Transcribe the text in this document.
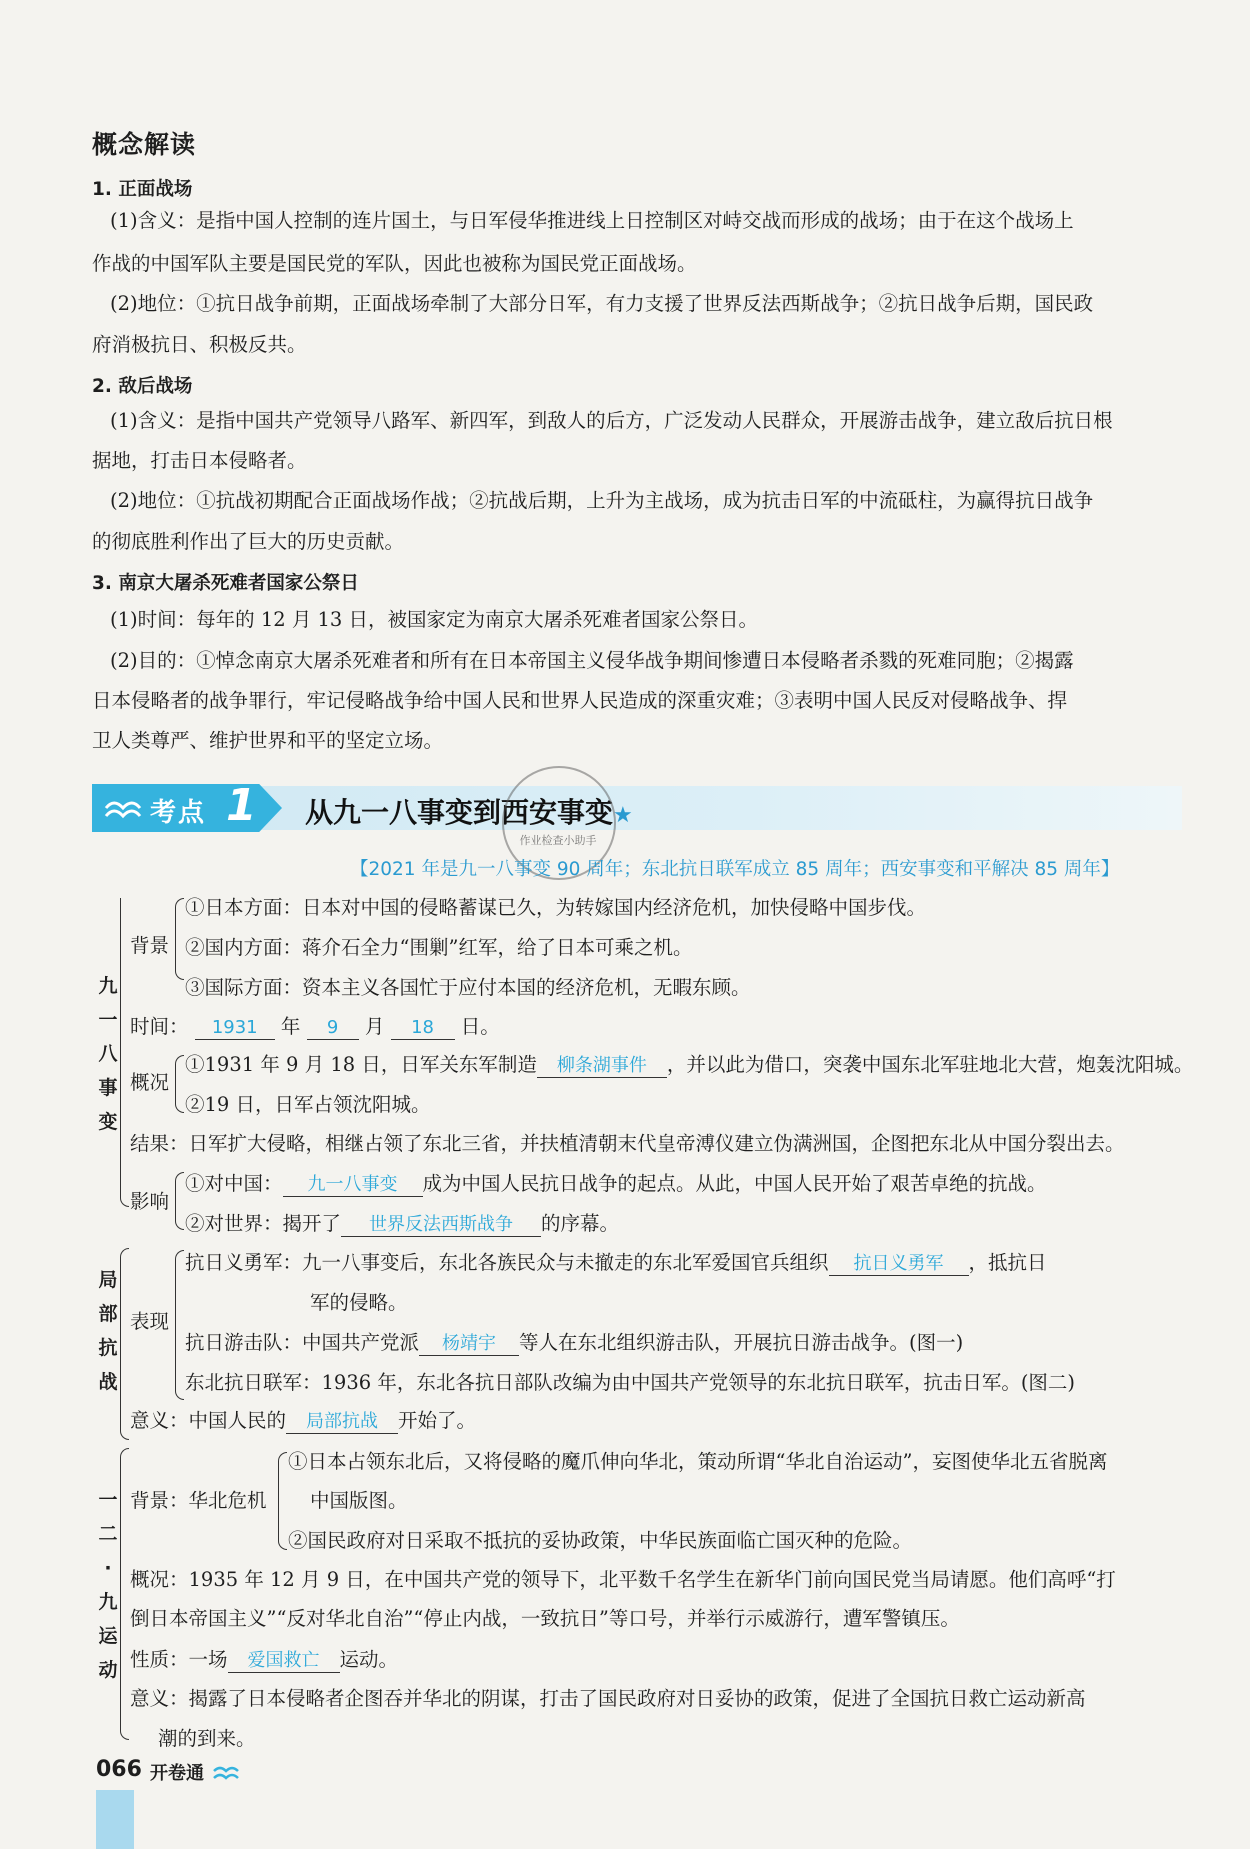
概念解读
1. 正面战场
(1)含义：是指中国人控制的连片国土，与日军侵华推进线上日控制区对峙交战而形成的战场；由于在这个战场上
作战的中国军队主要是国民党的军队，因此也被称为国民党正面战场。
(2)地位：①抗日战争前期，正面战场牵制了大部分日军，有力支援了世界反法西斯战争；②抗日战争后期，国民政
府消极抗日、积极反共。
2. 敌后战场
(1)含义：是指中国共产党领导八路军、新四军，到敌人的后方，广泛发动人民群众，开展游击战争，建立敌后抗日根
据地，打击日本侵略者。
(2)地位：①抗战初期配合正面战场作战；②抗战后期，上升为主战场，成为抗击日军的中流砥柱，为赢得抗日战争
的彻底胜利作出了巨大的历史贡献。
3. 南京大屠杀死难者国家公祭日
(1)时间：每年的 12 月 13 日，被国家定为南京大屠杀死难者国家公祭日。
(2)目的：①悼念南京大屠杀死难者和所有在日本帝国主义侵华战争期间惨遭日本侵略者杀戮的死难同胞；②揭露
日本侵略者的战争罪行，牢记侵略战争给中国人民和世界人民造成的深重灾难；③表明中国人民反对侵略战争、捍
卫人类尊严、维护世界和平的坚定立场。
考点 1 从九一八事变到西安事变★
作业检查小助手
【2021 年是九一八事变 90 周年；东北抗日联军成立 85 周年；西安事变和平解决 85 周年】
九
一
八
事
变
背景
①日本方面：日本对中国的侵略蓄谋已久，为转嫁国内经济危机，加快侵略中国步伐。
②国内方面：蒋介石全力“围剿”红军，给了日本可乘之机。
③国际方面：资本主义各国忙于应付本国的经济危机，无暇东顾。
时间： 1931 年 9 月 18 日。
概况
①1931 年 9 月 18 日，日军关东军制造 柳条湖事件 ，并以此为借口，突袭中国东北军驻地北大营，炮轰沈阳城。
②19 日，日军占领沈阳城。
结果：日军扩大侵略，相继占领了东北三省，并扶植清朝末代皇帝溥仪建立伪满洲国，企图把东北从中国分裂出去。
影响
①对中国： 九一八事变 成为中国人民抗日战争的起点。从此，中国人民开始了艰苦卓绝的抗战。
②对世界：揭开了 世界反法西斯战争 的序幕。
局
部
抗
战
表现
抗日义勇军：九一八事变后，东北各族民众与未撤走的东北军爱国官兵组织 抗日义勇军 ，抵抗日
军的侵略。
抗日游击队：中国共产党派 杨靖宇 等人在东北组织游击队，开展抗日游击战争。(图一)
东北抗日联军：1936 年，东北各抗日部队改编为由中国共产党领导的东北抗日联军，抗击日军。(图二)
意义：中国人民的 局部抗战 开始了。
一
二
·
九
运
动
背景：华北危机
①日本占领东北后，又将侵略的魔爪伸向华北，策动所谓“华北自治运动”，妄图使华北五省脱离
中国版图。
②国民政府对日采取不抵抗的妥协政策，中华民族面临亡国灭种的危险。
概况：1935 年 12 月 9 日，在中国共产党的领导下，北平数千名学生在新华门前向国民党当局请愿。他们高呼“打
倒日本帝国主义”“反对华北自治”“停止内战，一致抗日”等口号，并举行示威游行，遭军警镇压。
性质：一场 爱国救亡 运动。
意义：揭露了日本侵略者企图吞并华北的阴谋，打击了国民政府对日妥协的政策，促进了全国抗日救亡运动新高
潮的到来。
066 开卷通
